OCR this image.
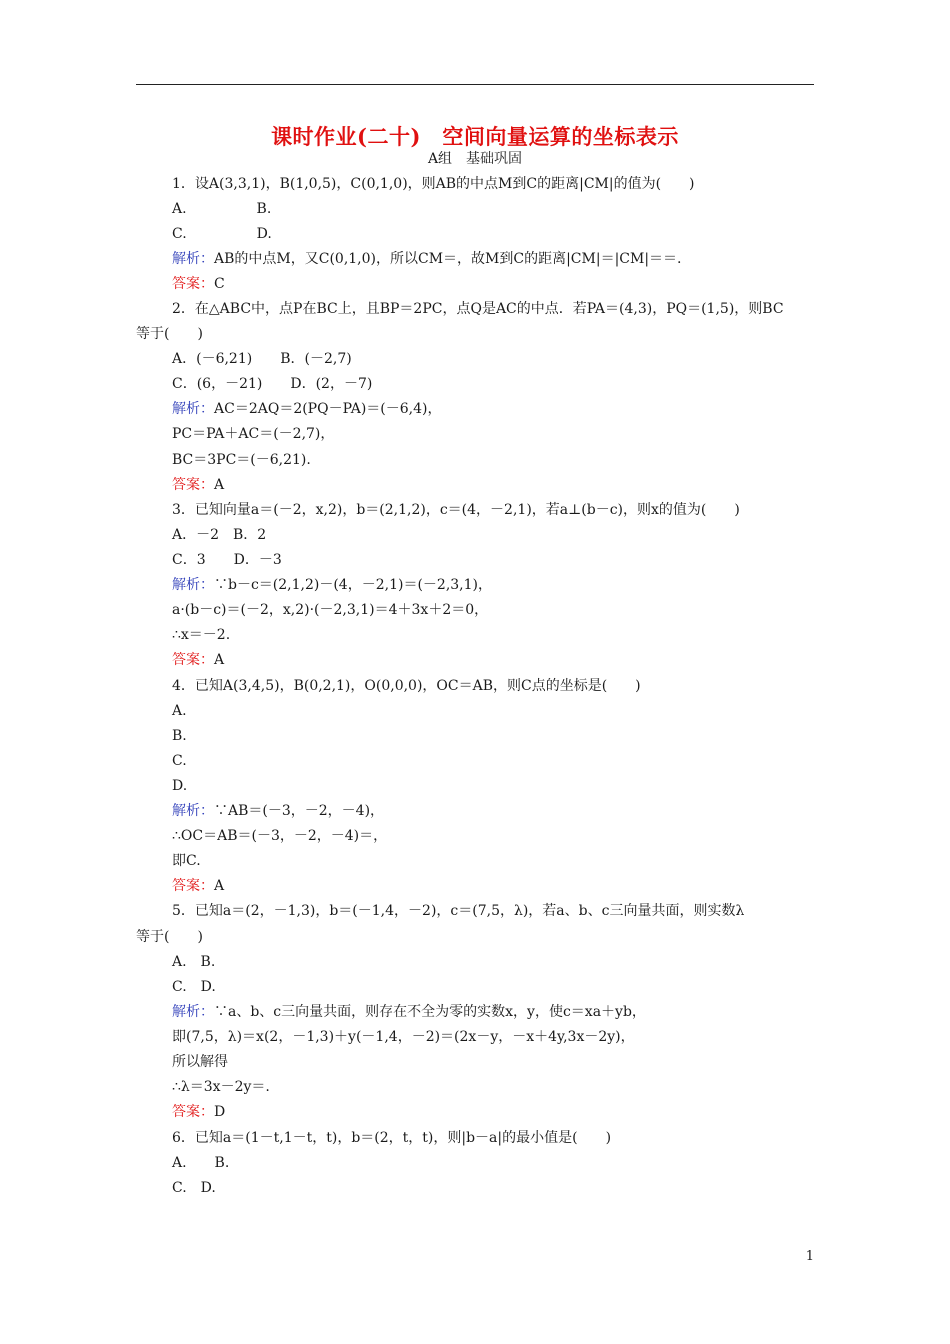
课时作业(二十)　空间向量运算的坐标表示
A组　基础巩固
1．设A(3,3,1)，B(1,0,5)，C(0,1,0)，则AB的中点M到C的距离|CM|的值为(　　)
A.　　　　　B.
C.　　　　　D.
解析：AB的中点M，又C(0,1,0)，所以CM＝，故M到C的距离|CM|＝|CM|＝＝.
答案：C
2．在△ABC中，点P在BC上，且BP＝2PC，点Q是AC的中点．若PA＝(4,3)，PQ＝(1,5)，则BC
等于(　　)
A．(－6,21)　　B．(－2,7)
C．(6，－21)　　D．(2，－7)
解析：AC＝2AQ＝2(PQ－PA)＝(－6,4)，
PC＝PA＋AC＝(－2,7)，
BC＝3PC＝(－6,21).
答案：A
3．已知向量a＝(－2，x,2)，b＝(2,1,2)，c＝(4，－2,1)，若a⊥(b－c)，则x的值为(　　)
A．－2　B．2
C．3　　D．－3
解析：∵b－c＝(2,1,2)－(4，－2,1)＝(－2,3,1)，
a·(b－c)＝(－2，x,2)·(－2,3,1)＝4＋3x＋2＝0，
∴x＝－2.
答案：A
4．已知A(3,4,5)，B(0,2,1)，O(0,0,0)，OC＝AB，则C点的坐标是(　　)
A.
B.
C.
D.
解析：∵AB＝(－3，－2，－4)，
∴OC＝AB＝(－3，－2，－4)＝，
即C.
答案：A
5．已知a＝(2，－1,3)，b＝(－1,4，－2)，c＝(7,5，λ)，若a、b、c三向量共面，则实数λ
等于(　　)
A.　B.
C.　D.
解析：∵a、b、c三向量共面，则存在不全为零的实数x，y，使c＝xa＋yb，
即(7,5，λ)＝x(2，－1,3)＋y(－1,4，－2)＝(2x－y，－x＋4y,3x－2y)，
所以解得
∴λ＝3x－2y＝.
答案：D
6．已知a＝(1－t,1－t，t)，b＝(2，t，t)，则|b－a|的最小值是(　　)
A.　　B.
C.　D.
1
